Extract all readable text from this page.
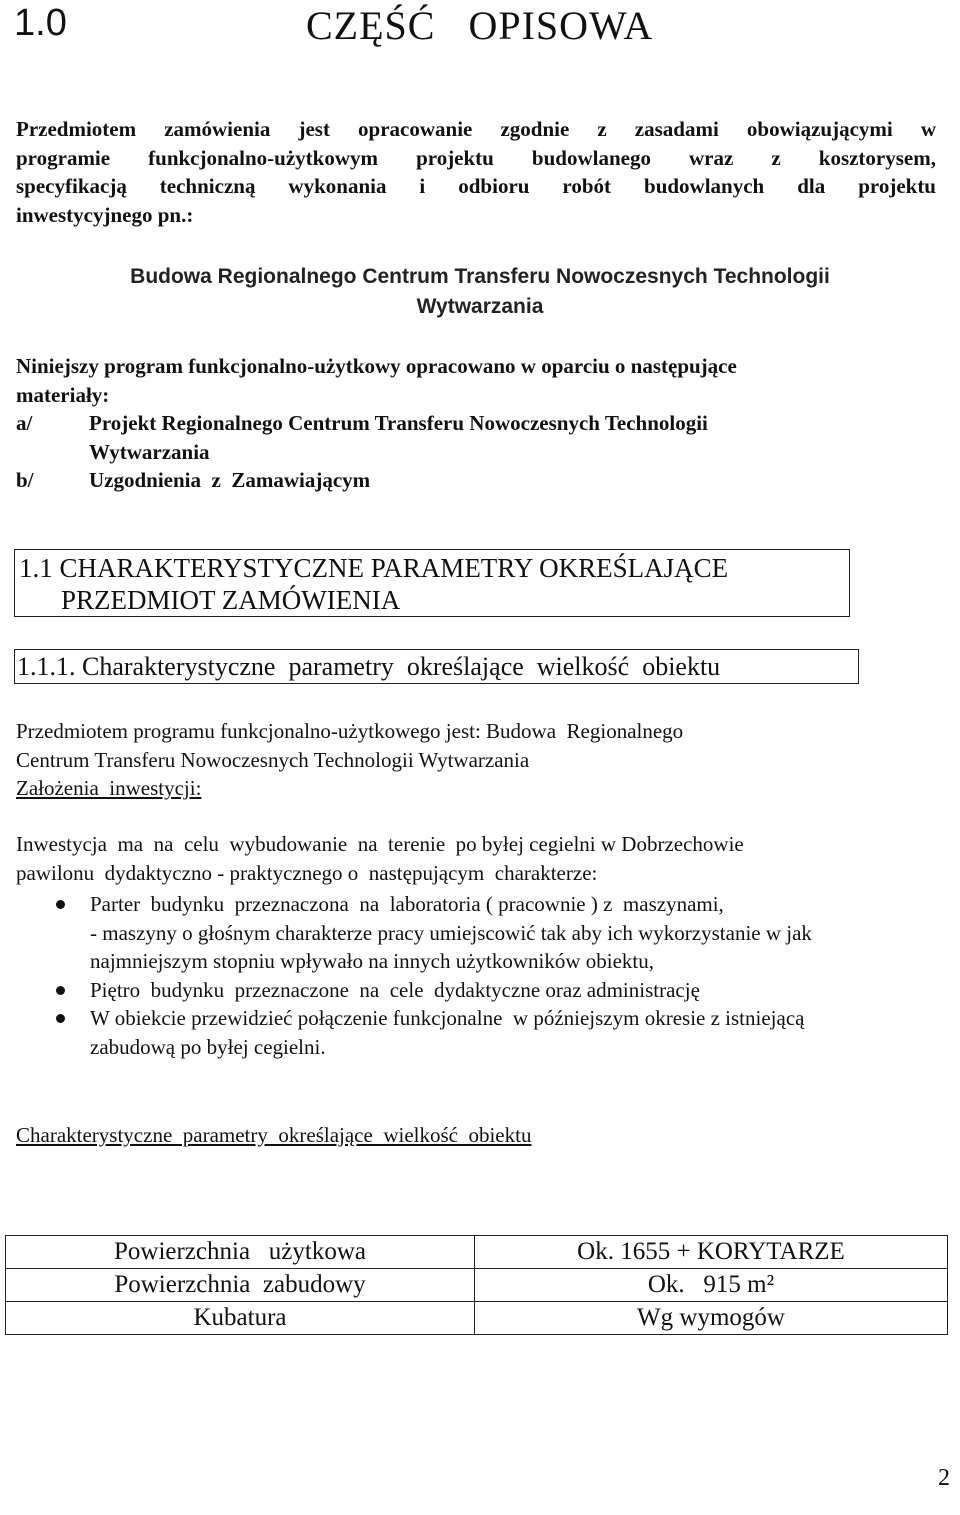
1.0	CZĘŚĆ   OPISOWA
Przedmiotem zamówienia jest opracowanie zgodnie z zasadami obowiązującymi w
programie funkcjonalno-użytkowym projektu budowlanego wraz z kosztorysem,
specyfikacją techniczną wykonania i odbioru robót budowlanych dla projektu
inwestycyjnego pn.:
Budowa Regionalnego Centrum Transferu Nowoczesnych Technologii
Wytwarzania
Niniejszy program funkcjonalno-użytkowy opracowano w oparciu o następujące
materiały:
a/	Projekt Regionalnego Centrum Transferu Nowoczesnych Technologii
Wytwarzania
b/	Uzgodnienia  z  Zamawiającym
1.1 CHARAKTERYSTYCZNE PARAMETRY OKREŚLAJĄCE
PRZEDMIOT ZAMÓWIENIA
1.1.1. Charakterystyczne  parametry  określające  wielkość  obiektu
Przedmiotem programu funkcjonalno-użytkowego jest: Budowa  Regionalnego
Centrum Transferu Nowoczesnych Technologii Wytwarzania
Założenia  inwestycji:
Inwestycja  ma  na  celu  wybudowanie  na  terenie  po byłej cegielni w Dobrzechowie
pawilonu  dydaktyczno - praktycznego o  następującym  charakterze:
Parter  budynku  przeznaczona  na  laboratoria ( pracownie ) z  maszynami,
- maszyny o głośnym charakterze pracy umiejscowić tak aby ich wykorzystanie w jak
najmniejszym stopniu wpływało na innych użytkowników obiektu,
Piętro  budynku  przeznaczone  na  cele  dydaktyczne oraz administrację
W obiekcie przewidzieć połączenie funkcjonalne  w późniejszym okresie z istniejącą
zabudową po byłej cegielni.
Charakterystyczne  parametry  określające  wielkość  obiektu
Powierzchnia   użytkowa	Ok. 1655 + KORYTARZE
Powierzchnia  zabudowy	Ok.   915 m²
Kubatura	Wg wymogów
2
